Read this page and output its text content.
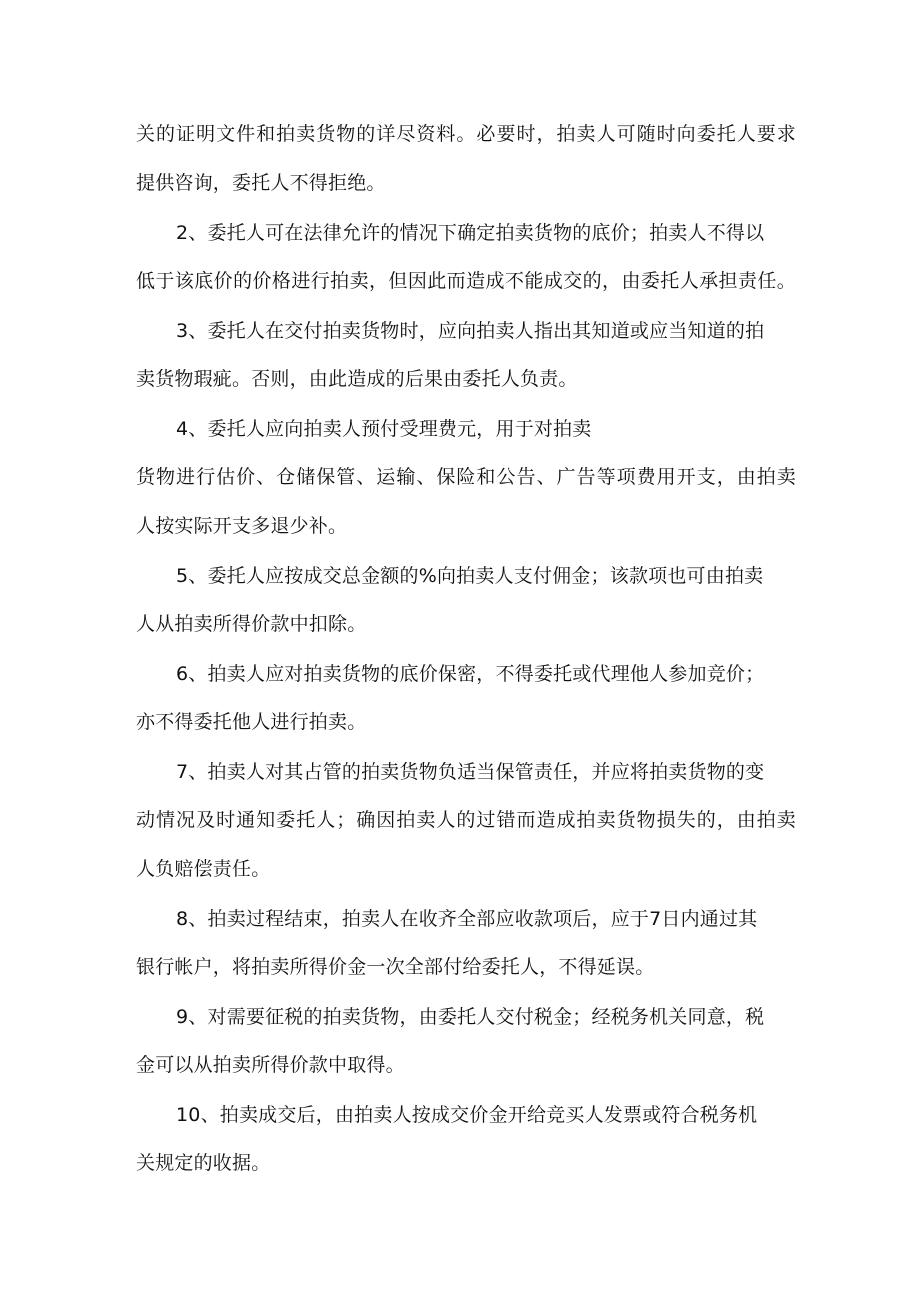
关的证明文件和拍卖货物的详尽资料。必要时，拍卖人可随时向委托人要求
提供咨询，委托人不得拒绝。
2、委托人可在法律允许的情况下确定拍卖货物的底价；拍卖人不得以
低于该底价的价格进行拍卖，但因此而造成不能成交的，由委托人承担责任。
3、委托人在交付拍卖货物时，应向拍卖人指出其知道或应当知道的拍
卖货物瑕疵。否则，由此造成的后果由委托人负责。
4、委托人应向拍卖人预付受理费元，用于对拍卖
货物进行估价、仓储保管、运输、保险和公告、广告等项费用开支，由拍卖
人按实际开支多退少补。
5、委托人应按成交总金额的%向拍卖人支付佣金；该款项也可由拍卖
人从拍卖所得价款中扣除。
6、拍卖人应对拍卖货物的底价保密，不得委托或代理他人参加竞价；
亦不得委托他人进行拍卖。
7、拍卖人对其占管的拍卖货物负适当保管责任，并应将拍卖货物的变
动情况及时通知委托人；确因拍卖人的过错而造成拍卖货物损失的，由拍卖
人负赔偿责任。
8、拍卖过程结束，拍卖人在收齐全部应收款项后，应于7日内通过其
银行帐户，将拍卖所得价金一次全部付给委托人，不得延误。
9、对需要征税的拍卖货物，由委托人交付税金；经税务机关同意，税
金可以从拍卖所得价款中取得。
10、拍卖成交后，由拍卖人按成交价金开给竞买人发票或符合税务机
关规定的收据。
